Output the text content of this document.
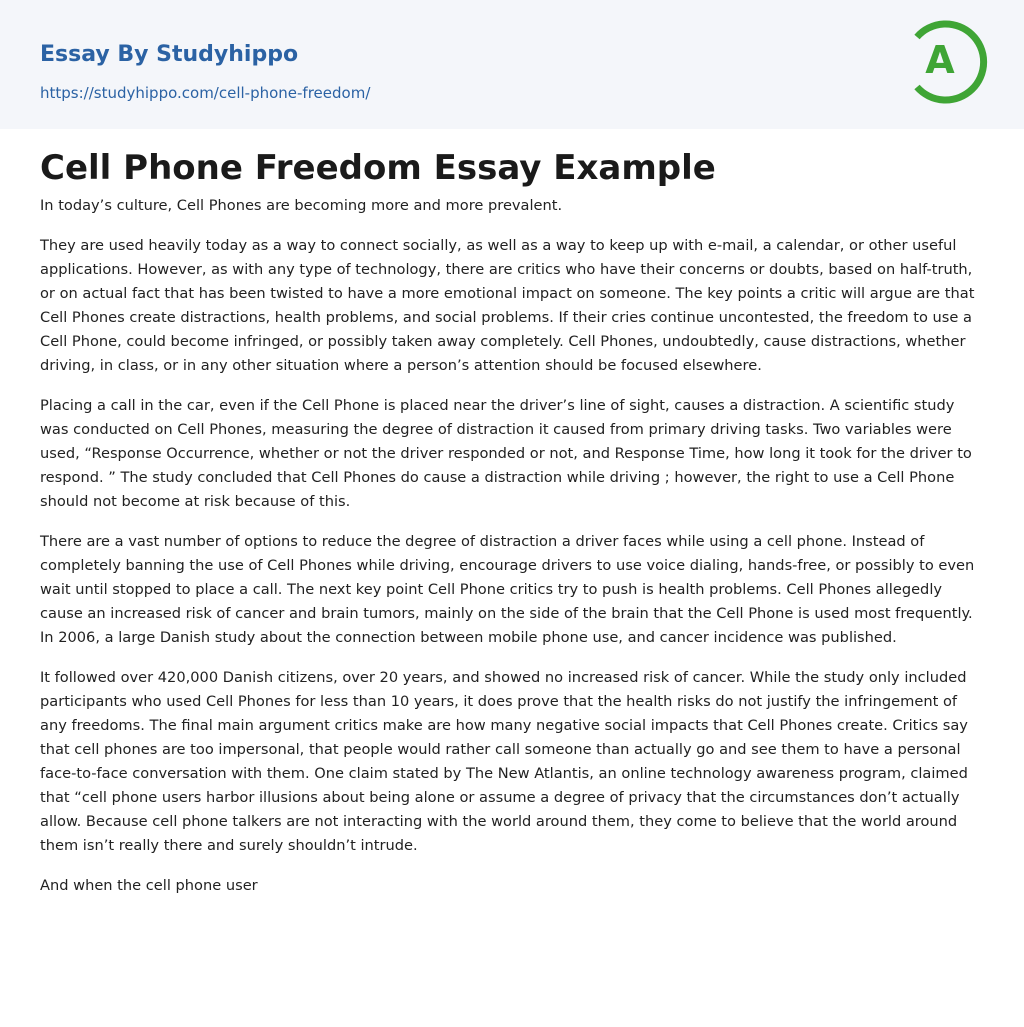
Essay By Studyhippo
https://studyhippo.com/cell-phone-freedom/
A
Cell Phone Freedom Essay Example

In today’s culture, Cell Phones are becoming more and more prevalent.

They are used heavily today as a way to connect socially, as well as a way to keep up with e-mail, a calendar, or other useful applications. However, as with any type of technology, there are critics who have their concerns or doubts, based on half-truth, or on actual fact that has been twisted to have a more emotional impact on someone. The key points a critic will argue are that Cell Phones create distractions, health problems, and social problems. If their cries continue uncontested, the freedom to use a Cell Phone, could become infringed, or possibly taken away completely. Cell Phones, undoubtedly, cause distractions, whether driving, in class, or in any other situation where a person’s attention should be focused elsewhere.

Placing a call in the car, even if the Cell Phone is placed near the driver’s line of sight, causes a distraction. A scientific study was conducted on Cell Phones, measuring the degree of distraction it caused from primary driving tasks. Two variables were used, “Response Occurrence, whether or not the driver responded or not, and Response Time, how long it took for the driver to respond. ” The study concluded that Cell Phones do cause a distraction while driving ; however, the right to use a Cell Phone should not become at risk because of this.

There are a vast number of options to reduce the degree of distraction a driver faces while using a cell phone. Instead of completely banning the use of Cell Phones while driving, encourage drivers to use voice dialing, hands-free, or possibly to even wait until stopped to place a call. The next key point Cell Phone critics try to push is health problems. Cell Phones allegedly cause an increased risk of cancer and brain tumors, mainly on the side of the brain that the Cell Phone is used most frequently. In 2006, a large Danish study about the connection between mobile phone use, and cancer incidence was published.

It followed over 420,000 Danish citizens, over 20 years, and showed no increased risk of cancer. While the study only included participants who used Cell Phones for less than 10 years, it does prove that the health risks do not justify the infringement of any freedoms. The final main argument critics make are how many negative social impacts that Cell Phones create. Critics say that cell phones are too impersonal, that people would rather call someone than actually go and see them to have a personal face-to-face conversation with them. One claim stated by The New Atlantis, an online technology awareness program, claimed that “cell phone users harbor illusions about being alone or assume a degree of privacy that the circumstances don’t actually allow. Because cell phone talkers are not interacting with the world around them, they come to believe that the world around them isn’t really there and surely shouldn’t intrude.

And when the cell phone user
